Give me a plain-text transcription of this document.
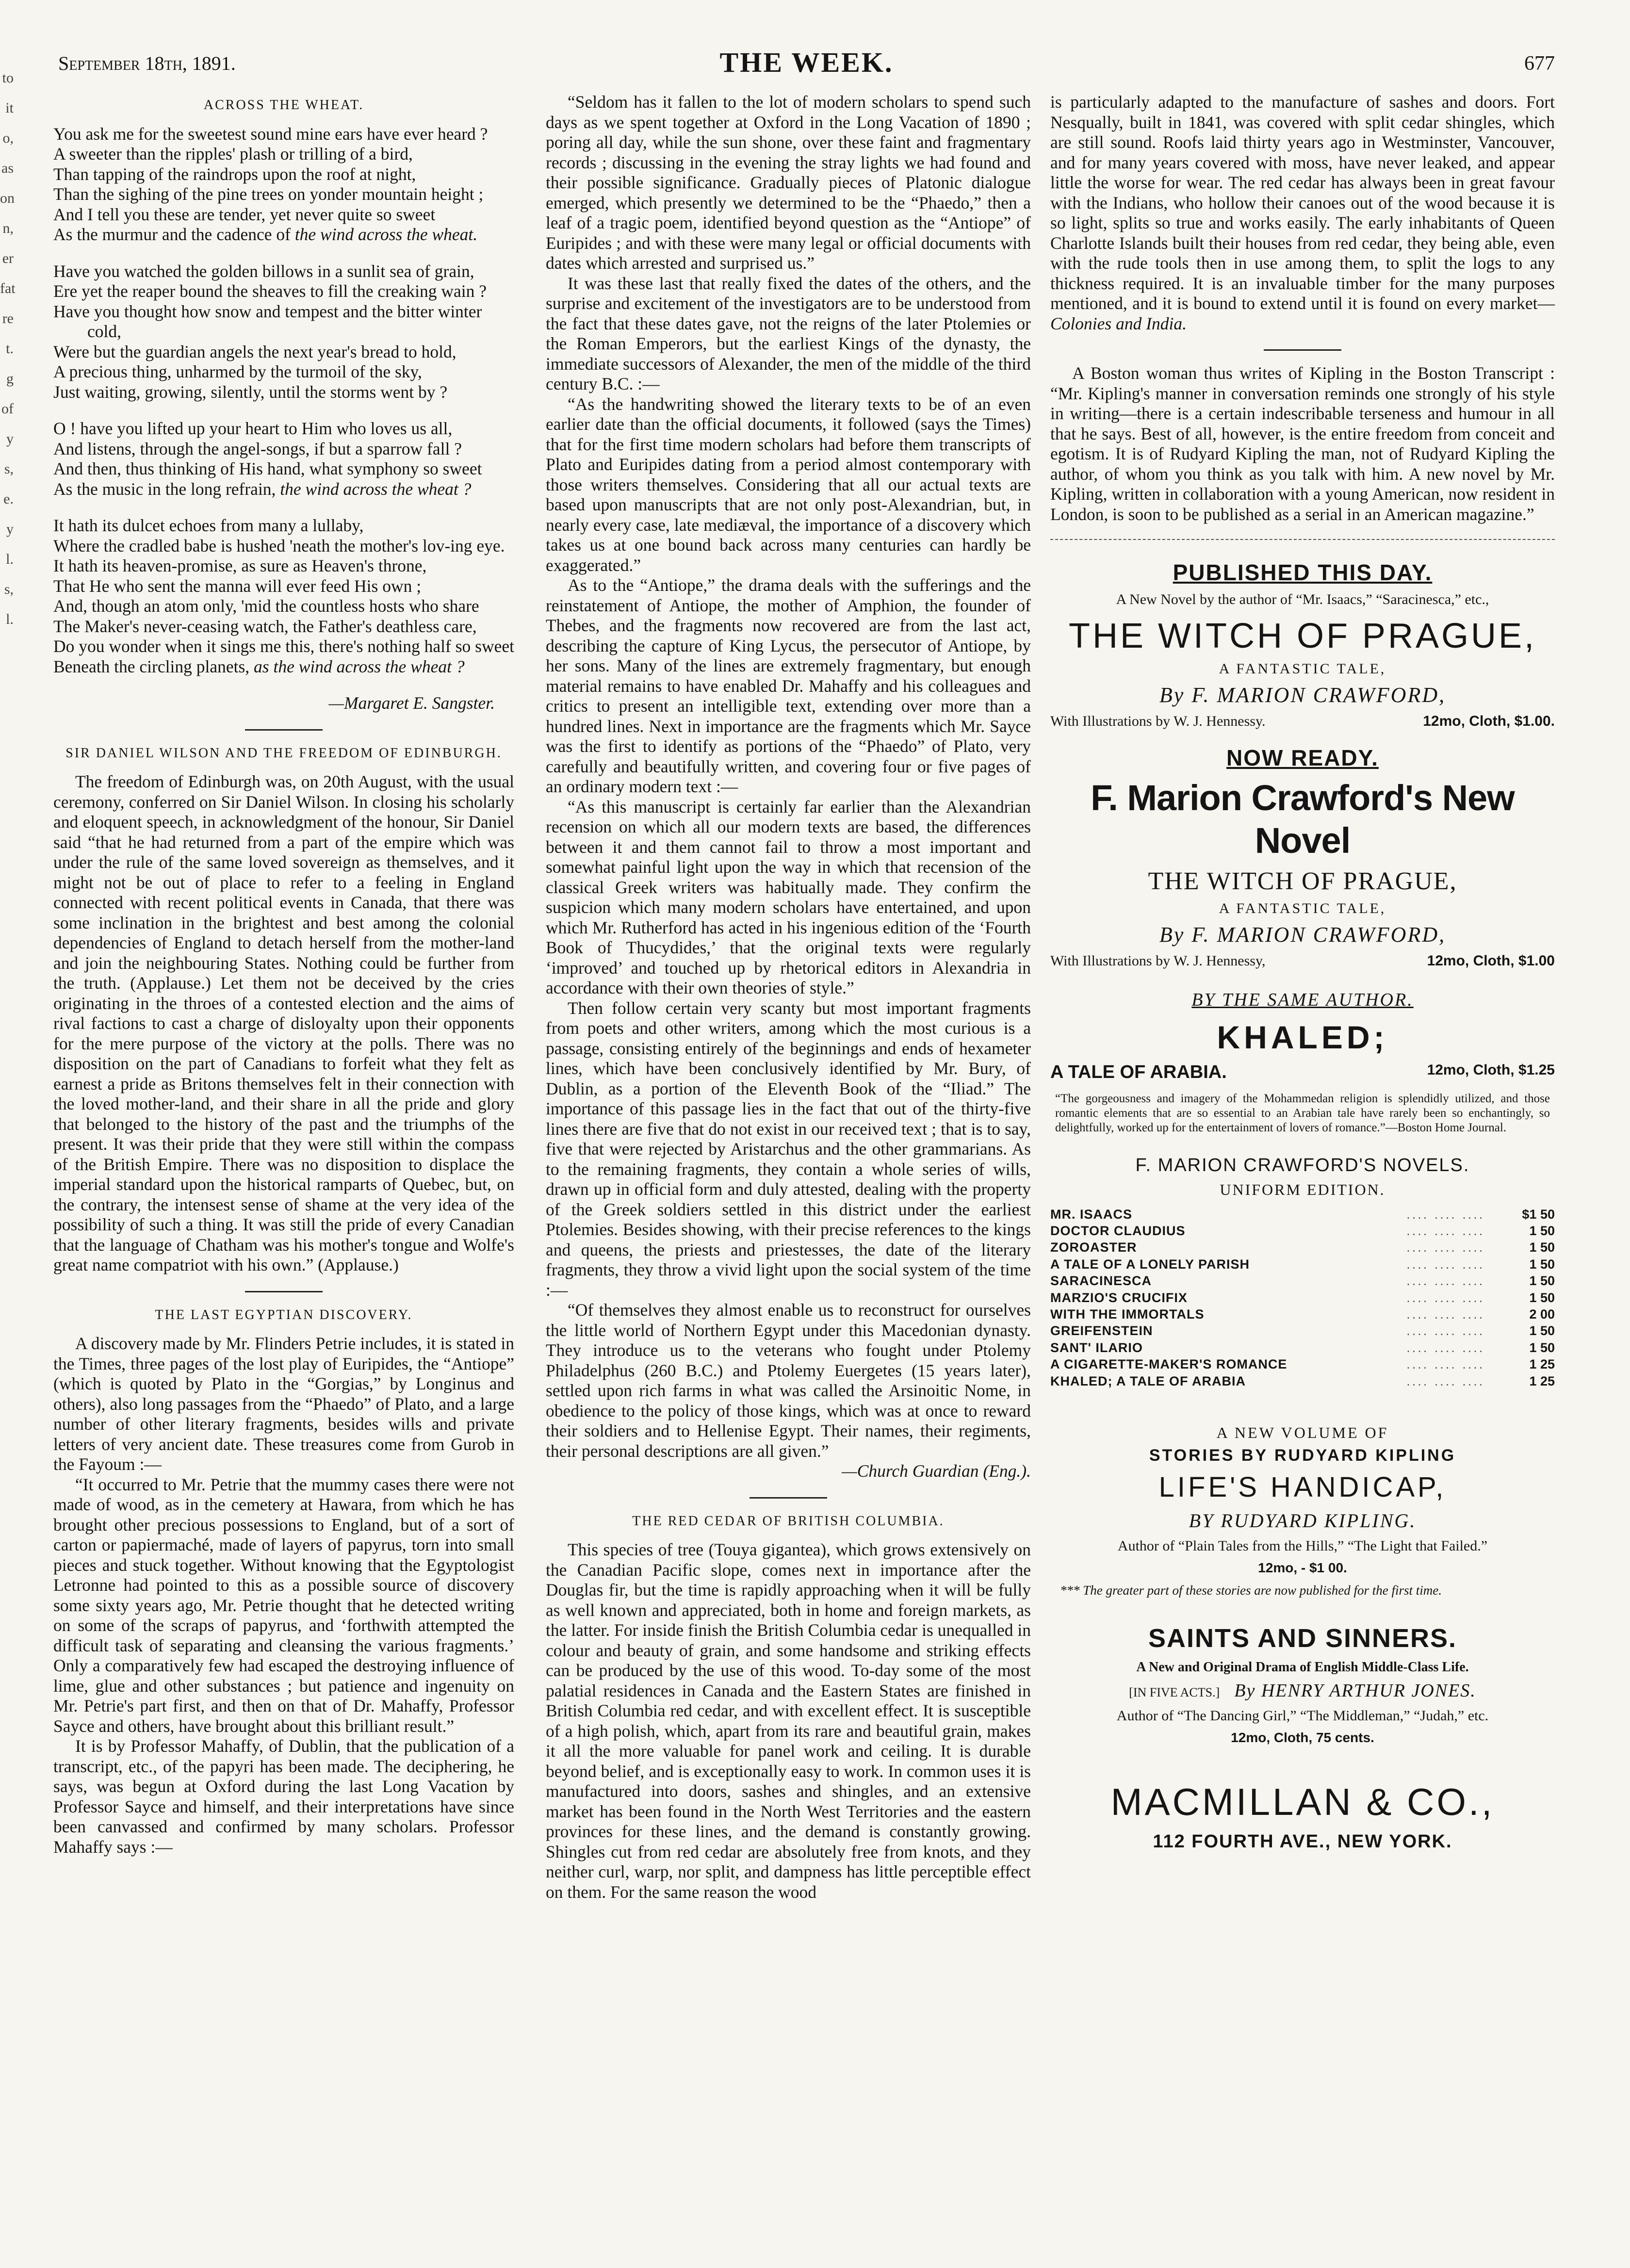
to it o, as on n, er fat re t. g of y s, e. y l. s, l.
September 18th, 1891.	THE WEEK.	677
ACROSS THE WHEAT.
You ask me for the sweetest sound mine ears have ever heard ?
A sweeter than the ripples' plash or trilling of a bird,
Than tapping of the raindrops upon the roof at night,
Than the sighing of the pine trees on yonder mountain height ;
And I tell you these are tender, yet never quite so sweet
As the murmur and the cadence of the wind across the wheat.
Have you watched the golden billows in a sunlit sea of grain,
Ere yet the reaper bound the sheaves to fill the creaking wain ?
Have you thought how snow and tempest and the bitter winter cold,
Were but the guardian angels the next year's bread to hold,
A precious thing, unharmed by the turmoil of the sky,
Just waiting, growing, silently, until the storms went by ?
O ! have you lifted up your heart to Him who loves us all,
And listens, through the angel-songs, if but a sparrow fall ?
And then, thus thinking of His hand, what symphony so sweet
As the music in the long refrain, the wind across the wheat ?
It hath its dulcet echoes from many a lullaby,
Where the cradled babe is hushed 'neath the mother's lov-ing eye.
It hath its heaven-promise, as sure as Heaven's throne,
That He who sent the manna will ever feed His own ;
And, though an atom only, 'mid the countless hosts who share
The Maker's never-ceasing watch, the Father's deathless care,
Do you wonder when it sings me this, there's nothing half so sweet
Beneath the circling planets, as the wind across the wheat ?

—Margaret E. Sangster.

SIR DANIEL WILSON AND THE FREEDOM OF EDINBURGH.

The freedom of Edinburgh was, on 20th August, with the usual ceremony, conferred on Sir Daniel Wilson. In closing his scholarly and eloquent speech, in acknowledgment of the honour, Sir Daniel said “that he had returned from a part of the empire which was under the rule of the same loved sovereign as themselves, and it might not be out of place to refer to a feeling in England connected with recent political events in Canada, that there was some inclination in the brightest and best among the colonial dependencies of England to detach herself from the mother-land and join the neighbouring States. Nothing could be further from the truth. (Applause.) Let them not be deceived by the cries originating in the throes of a contested election and the aims of rival factions to cast a charge of disloyalty upon their opponents for the mere purpose of the victory at the polls. There was no disposition on the part of Canadians to forfeit what they felt as earnest a pride as Britons themselves felt in their connection with the loved mother-land, and their share in all the pride and glory that belonged to the history of the past and the triumphs of the present. It was their pride that they were still within the compass of the British Empire. There was no disposition to displace the imperial standard upon the historical ramparts of Quebec, but, on the contrary, the intensest sense of shame at the very idea of the possibility of such a thing. It was still the pride of every Canadian that the language of Chatham was his mother's tongue and Wolfe's great name compatriot with his own.” (Applause.)

THE LAST EGYPTIAN DISCOVERY.

A discovery made by Mr. Flinders Petrie includes, it is stated in the Times, three pages of the lost play of Euripides, the “Antiope” (which is quoted by Plato in the “Gorgias,” by Longinus and others), also long passages from the “Phaedo” of Plato, and a large number of other literary fragments, besides wills and private letters of very ancient date. These treasures come from Gurob in the Fayoum :—

“It occurred to Mr. Petrie that the mummy cases there were not made of wood, as in the cemetery at Hawara, from which he has brought other precious possessions to England, but of a sort of carton or papiermaché, made of layers of papyrus, torn into small pieces and stuck together. Without knowing that the Egyptologist Letronne had pointed to this as a possible source of discovery some sixty years ago, Mr. Petrie thought that he detected writing on some of the scraps of papyrus, and ‘forthwith attempted the difficult task of separating and cleansing the various fragments.’ Only a comparatively few had escaped the destroying influence of lime, glue and other substances ; but patience and ingenuity on Mr. Petrie's part first, and then on that of Dr. Mahaffy, Professor Sayce and others, have brought about this brilliant result.”

It is by Professor Mahaffy, of Dublin, that the publication of a transcript, etc., of the papyri has been made. The deciphering, he says, was begun at Oxford during the last Long Vacation by Professor Sayce and himself, and their interpretations have since been canvassed and confirmed by many scholars. Professor Mahaffy says :—

“Seldom has it fallen to the lot of modern scholars to spend such days as we spent together at Oxford in the Long Vacation of 1890 ; poring all day, while the sun shone, over these faint and fragmentary records ; discussing in the evening the stray lights we had found and their possible significance. Gradually pieces of Platonic dialogue emerged, which presently we determined to be the “Phaedo,” then a leaf of a tragic poem, identified beyond question as the “Antiope” of Euripides ; and with these were many legal or official documents with dates which arrested and surprised us.”

It was these last that really fixed the dates of the others, and the surprise and excitement of the investigators are to be understood from the fact that these dates gave, not the reigns of the later Ptolemies or the Roman Emperors, but the earliest Kings of the dynasty, the immediate successors of Alexander, the men of the middle of the third century B.C. :—

“As the handwriting showed the literary texts to be of an even earlier date than the official documents, it followed (says the Times) that for the first time modern scholars had before them transcripts of Plato and Euripides dating from a period almost contemporary with those writers themselves. Considering that all our actual texts are based upon manuscripts that are not only post-Alexandrian, but, in nearly every case, late mediæval, the importance of a discovery which takes us at one bound back across many centuries can hardly be exaggerated.”

As to the “Antiope,” the drama deals with the sufferings and the reinstatement of Antiope, the mother of Amphion, the founder of Thebes, and the fragments now recovered are from the last act, describing the capture of King Lycus, the persecutor of Antiope, by her sons. Many of the lines are extremely fragmentary, but enough material remains to have enabled Dr. Mahaffy and his colleagues and critics to present an intelligible text, extending over more than a hundred lines. Next in importance are the fragments which Mr. Sayce was the first to identify as portions of the “Phaedo” of Plato, very carefully and beautifully written, and covering four or five pages of an ordinary modern text :—

“As this manuscript is certainly far earlier than the Alexandrian recension on which all our modern texts are based, the differences between it and them cannot fail to throw a most important and somewhat painful light upon the way in which that recension of the classical Greek writers was habitually made. They confirm the suspicion which many modern scholars have entertained, and upon which Mr. Rutherford has acted in his ingenious edition of the ‘Fourth Book of Thucydides,’ that the original texts were regularly ‘improved’ and touched up by rhetorical editors in Alexandria in accordance with their own theories of style.”

Then follow certain very scanty but most important fragments from poets and other writers, among which the most curious is a passage, consisting entirely of the beginnings and ends of hexameter lines, which have been conclusively identified by Mr. Bury, of Dublin, as a portion of the Eleventh Book of the “Iliad.” The importance of this passage lies in the fact that out of the thirty-five lines there are five that do not exist in our received text ; that is to say, five that were rejected by Aristarchus and the other grammarians. As to the remaining fragments, they contain a whole series of wills, drawn up in official form and duly attested, dealing with the property of the Greek soldiers settled in this district under the earliest Ptolemies. Besides showing, with their precise references to the kings and queens, the priests and priestesses, the date of the literary fragments, they throw a vivid light upon the social system of the time :—

“Of themselves they almost enable us to reconstruct for ourselves the little world of Northern Egypt under this Macedonian dynasty. They introduce us to the veterans who fought under Ptolemy Philadelphus (260 B.C.) and Ptolemy Euergetes (15 years later), settled upon rich farms in what was called the Arsinoitic Nome, in obedience to the policy of those kings, which was at once to reward their soldiers and to Hellenise Egypt. Their names, their regiments, their personal descriptions are all given.”

—Church Guardian (Eng.).

THE RED CEDAR OF BRITISH COLUMBIA.

This species of tree (Touya gigantea), which grows extensively on the Canadian Pacific slope, comes next in importance after the Douglas fir, but the time is rapidly approaching when it will be fully as well known and appreciated, both in home and foreign markets, as the latter. For inside finish the British Columbia cedar is unequalled in colour and beauty of grain, and some handsome and striking effects can be produced by the use of this wood. To-day some of the most palatial residences in Canada and the Eastern States are finished in British Columbia red cedar, and with excellent effect. It is susceptible of a high polish, which, apart from its rare and beautiful grain, makes it all the more valuable for panel work and ceiling. It is durable beyond belief, and is exceptionally easy to work. In common uses it is manufactured into doors, sashes and shingles, and an extensive market has been found in the North West Territories and the eastern provinces for these lines, and the demand is constantly growing. Shingles cut from red cedar are absolutely free from knots, and they neither curl, warp, nor split, and dampness has little perceptible effect on them. For the same reason the wood

is particularly adapted to the manufacture of sashes and doors. Fort Nesqually, built in 1841, was covered with split cedar shingles, which are still sound. Roofs laid thirty years ago in Westminster, Vancouver, and for many years covered with moss, have never leaked, and appear little the worse for wear. The red cedar has always been in great favour with the Indians, who hollow their canoes out of the wood because it is so light, splits so true and works easily. The early inhabitants of Queen Charlotte Islands built their houses from red cedar, they being able, even with the rude tools then in use among them, to split the logs to any thickness required. It is an invaluable timber for the many purposes mentioned, and it is bound to extend until it is found on every market—Colonies and India.

A Boston woman thus writes of Kipling in the Boston Transcript : “Mr. Kipling's manner in conversation reminds one strongly of his style in writing—there is a certain indescribable terseness and humour in all that he says. Best of all, however, is the entire freedom from conceit and egotism. It is of Rudyard Kipling the man, not of Rudyard Kipling the author, of whom you think as you talk with him. A new novel by Mr. Kipling, written in collaboration with a young American, now resident in London, is soon to be published as a serial in an American magazine.”

PUBLISHED THIS DAY.
A New Novel by the author of “Mr. Isaacs,” “Saracinesca,” etc.,
THE WITCH OF PRAGUE,
A FANTASTIC TALE,
By F. MARION CRAWFORD,
With Illustrations by W. J. Hennessy.	12mo, Cloth, $1.00.
NOW READY.
F. Marion Crawford's New Novel
THE WITCH OF PRAGUE,
A FANTASTIC TALE,
By F. MARION CRAWFORD,
With Illustrations by W. J. Hennessy,	12mo, Cloth, $1.00
BY THE SAME AUTHOR.
KHALED;
A TALE OF ARABIA.	12mo, Cloth, $1.25
“The gorgeousness and imagery of the Mohammedan religion is splendidly utilized, and those romantic elements that are so essential to an Arabian tale have rarely been so enchantingly, so delightfully, worked up for the entertainment of lovers of romance.”—Boston Home Journal.
F. MARION CRAWFORD'S NOVELS.
UNIFORM EDITION.
MR. ISAACS	.... .... ....	$1 50
DOCTOR CLAUDIUS	.... .... ....	1 50
ZOROASTER	.... .... ....	1 50
A TALE OF A LONELY PARISH	.... .... ....	1 50
SARACINESCA	.... .... ....	1 50
MARZIO'S CRUCIFIX	.... .... ....	1 50
WITH THE IMMORTALS	.... .... ....	2 00
GREIFENSTEIN	.... .... ....	1 50
SANT' ILARIO	.... .... ....	1 50
A CIGARETTE-MAKER'S ROMANCE	.... .... ....	1 25
KHALED; A TALE OF ARABIA	.... .... ....	1 25
A NEW VOLUME OF
STORIES BY RUDYARD KIPLING
LIFE'S HANDICAP,
BY RUDYARD KIPLING.
Author of “Plain Tales from the Hills,” “The Light that Failed.”
12mo, - $1 00.
*** The greater part of these stories are now published for the first time.
SAINTS AND SINNERS.
A New and Original Drama of English Middle-Class Life.
[IN FIVE ACTS.] By HENRY ARTHUR JONES.
Author of “The Dancing Girl,” “The Middleman,” “Judah,” etc.
12mo, Cloth, 75 cents.
MACMILLAN & CO.,
112 FOURTH AVE., NEW YORK.
